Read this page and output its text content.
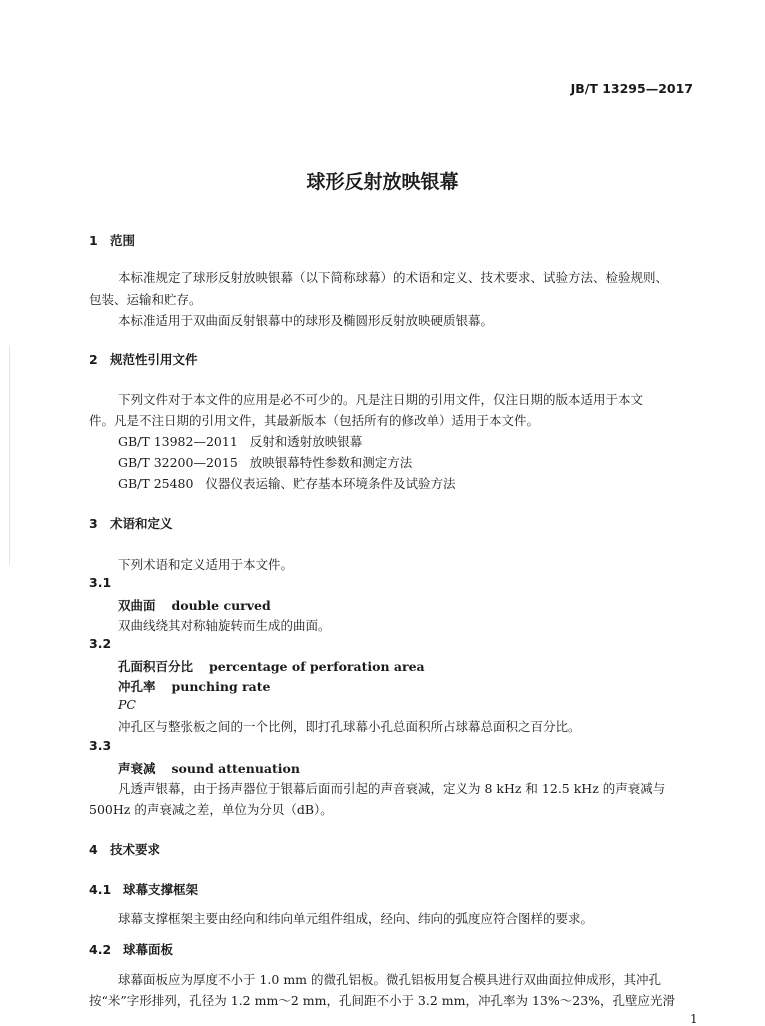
JB/T 13295—2017
球形反射放映银幕
1 范围
本标准规定了球形反射放映银幕（以下简称球幕）的术语和定义、技术要求、试验方法、检验规则、
包装、运输和贮存。
本标准适用于双曲面反射银幕中的球形及椭圆形反射放映硬质银幕。
2 规范性引用文件
下列文件对于本文件的应用是必不可少的。凡是注日期的引用文件，仅注日期的版本适用于本文
件。凡是不注日期的引用文件，其最新版本（包括所有的修改单）适用于本文件。
GB/T 13982—2011 反射和透射放映银幕
GB/T 32200—2015 放映银幕特性参数和测定方法
GB/T 25480 仪器仪表运输、贮存基本环境条件及试验方法
3 术语和定义
下列术语和定义适用于本文件。
3.1
双曲面 double curved
双曲线绕其对称轴旋转而生成的曲面。
3.2
孔面积百分比 percentage of perforation area
冲孔率 punching rate
PC
冲孔区与整张板之间的一个比例，即打孔球幕小孔总面积所占球幕总面积之百分比。
3.3
声衰减 sound attenuation
凡透声银幕，由于扬声器位于银幕后面而引起的声音衰减，定义为 8 kHz 和 12.5 kHz 的声衰减与
500Hz 的声衰减之差，单位为分贝（dB）。
4 技术要求
4.1 球幕支撑框架
球幕支撑框架主要由经向和纬向单元组件组成，经向、纬向的弧度应符合图样的要求。
4.2 球幕面板
球幕面板应为厚度不小于 1.0 mm 的微孔铝板。微孔铝板用复合模具进行双曲面拉伸成形，其冲孔
按“米”字形排列，孔径为 1.2 mm～2 mm，孔间距不小于 3.2 mm，冲孔率为 13%～23%，孔壁应光滑
1
